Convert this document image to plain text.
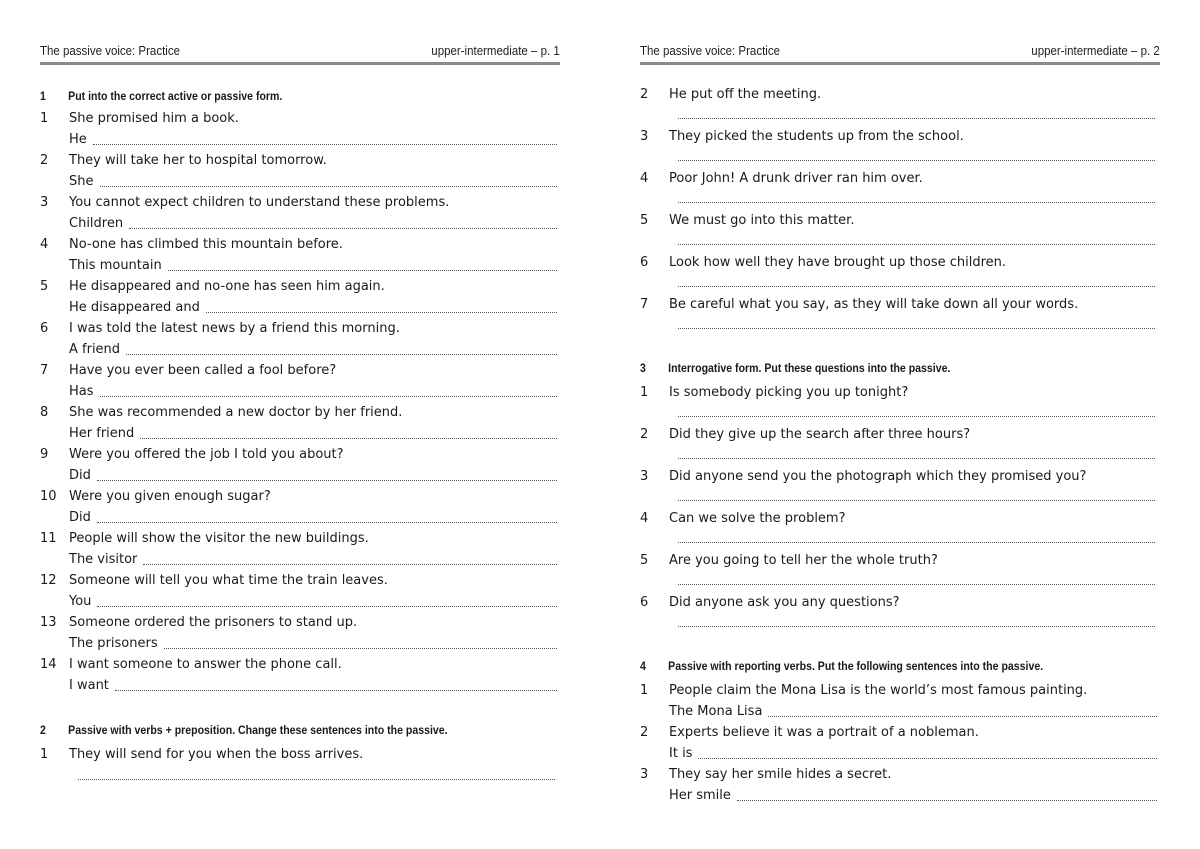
The passive voice: Practice	upper-intermediate – p. 1
1 Put into the correct active or passive form.
1 She promised him a book.
He
2 They will take her to hospital tomorrow.
She
3 You cannot expect children to understand these problems.
Children
4 No-one has climbed this mountain before.
This mountain
5 He disappeared and no-one has seen him again.
He disappeared and
6 I was told the latest news by a friend this morning.
A friend
7 Have you ever been called a fool before?
Has
8 She was recommended a new doctor by her friend.
Her friend
9 Were you offered the job I told you about?
Did
10 Were you given enough sugar?
Did
11 People will show the visitor the new buildings.
The visitor
12 Someone will tell you what time the train leaves.
You
13 Someone ordered the prisoners to stand up.
The prisoners
14 I want someone to answer the phone call.
I want
2 Passive with verbs + preposition. Change these sentences into the passive.
1 They will send for you when the boss arrives.
The passive voice: Practice	upper-intermediate – p. 2
2 He put off the meeting.
3 They picked the students up from the school.
4 Poor John! A drunk driver ran him over.
5 We must go into this matter.
6 Look how well they have brought up those children.
7 Be careful what you say, as they will take down all your words.
3 Interrogative form. Put these questions into the passive.
1 Is somebody picking you up tonight?
2 Did they give up the search after three hours?
3 Did anyone send you the photograph which they promised you?
4 Can we solve the problem?
5 Are you going to tell her the whole truth?
6 Did anyone ask you any questions?
4 Passive with reporting verbs. Put the following sentences into the passive.
1 People claim the Mona Lisa is the world’s most famous painting.
The Mona Lisa
2 Experts believe it was a portrait of a nobleman.
It is
3 They say her smile hides a secret.
Her smile
